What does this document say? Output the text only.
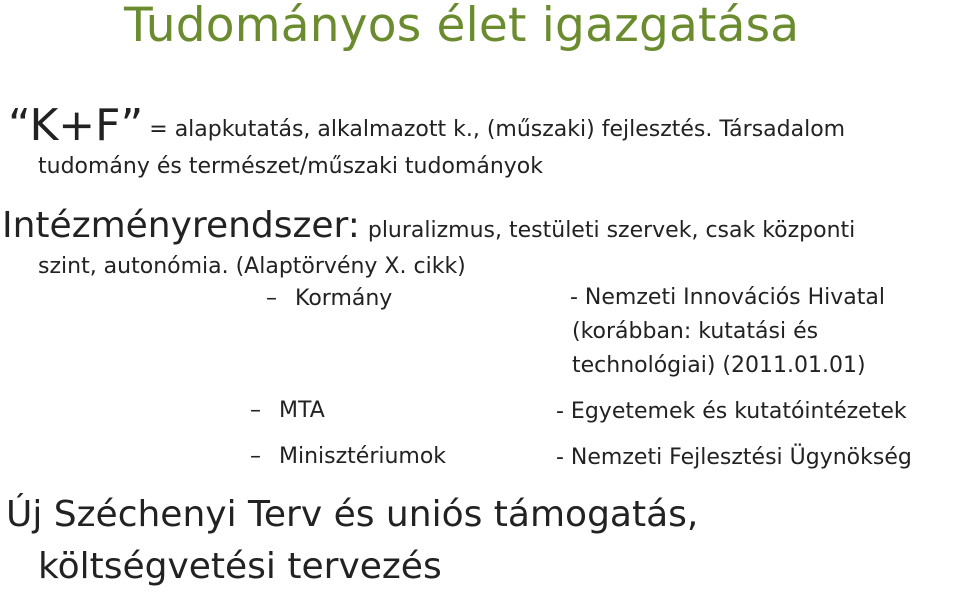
Tudományos élet igazgatása
“K+F” = alapkutatás, alkalmazott k., (műszaki) fejlesztés. Társadalom
tudomány és természet/műszaki tudományok
Intézményrendszer: pluralizmus, testületi szervek, csak központi
szint, autonómia. (Alaptörvény X. cikk)
– Kormány
– MTA
– Minisztériumok
- Nemzeti Innovációs Hivatal
(korábban: kutatási és
technológiai) (2011.01.01)
- Egyetemek és kutatóintézetek
- Nemzeti Fejlesztési Ügynökség
Új Széchenyi Terv és uniós támogatás,
költségvetési tervezés
